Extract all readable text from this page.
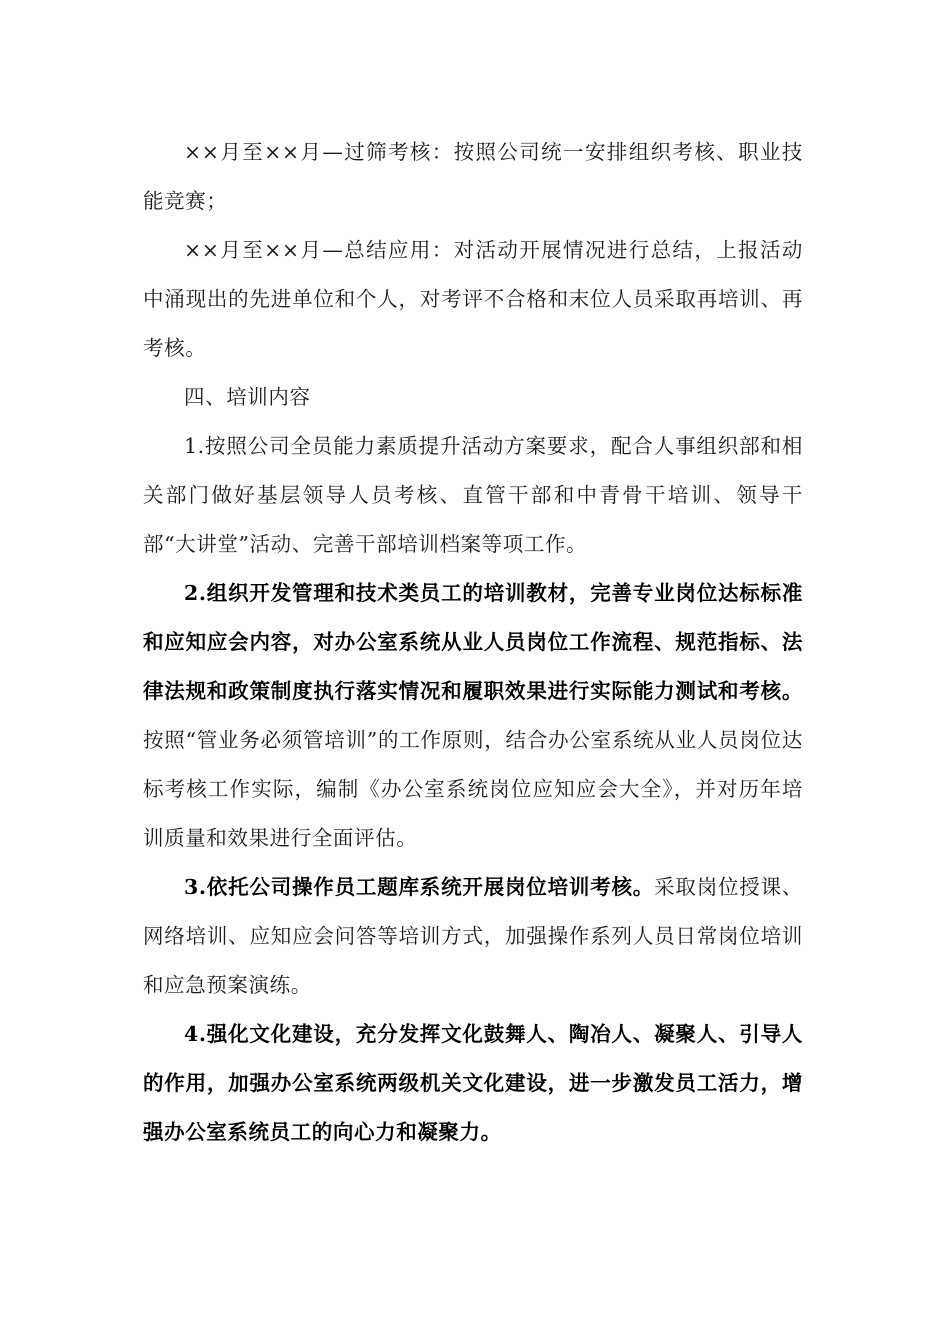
××月至××月—过筛考核：按照公司统一安排组织考核、职业技能竞赛；

××月至××月—总结应用：对活动开展情况进行总结，上报活动中涌现出的先进单位和个人，对考评不合格和末位人员采取再培训、再考核。

四、培训内容

1.按照公司全员能力素质提升活动方案要求，配合人事组织部和相关部门做好基层领导人员考核、直管干部和中青骨干培训、领导干部“大讲堂”活动、完善干部培训档案等项工作。

2.组织开发管理和技术类员工的培训教材，完善专业岗位达标标准和应知应会内容，对办公室系统从业人员岗位工作流程、规范指标、法律法规和政策制度执行落实情况和履职效果进行实际能力测试和考核。按照“管业务必须管培训”的工作原则，结合办公室系统从业人员岗位达标考核工作实际，编制《办公室系统岗位应知应会大全》，并对历年培训质量和效果进行全面评估。

3.依托公司操作员工题库系统开展岗位培训考核。采取岗位授课、网络培训、应知应会问答等培训方式，加强操作系列人员日常岗位培训和应急预案演练。

4.强化文化建设，充分发挥文化鼓舞人、陶冶人、凝聚人、引导人的作用，加强办公室系统两级机关文化建设，进一步激发员工活力，增强办公室系统员工的向心力和凝聚力。
